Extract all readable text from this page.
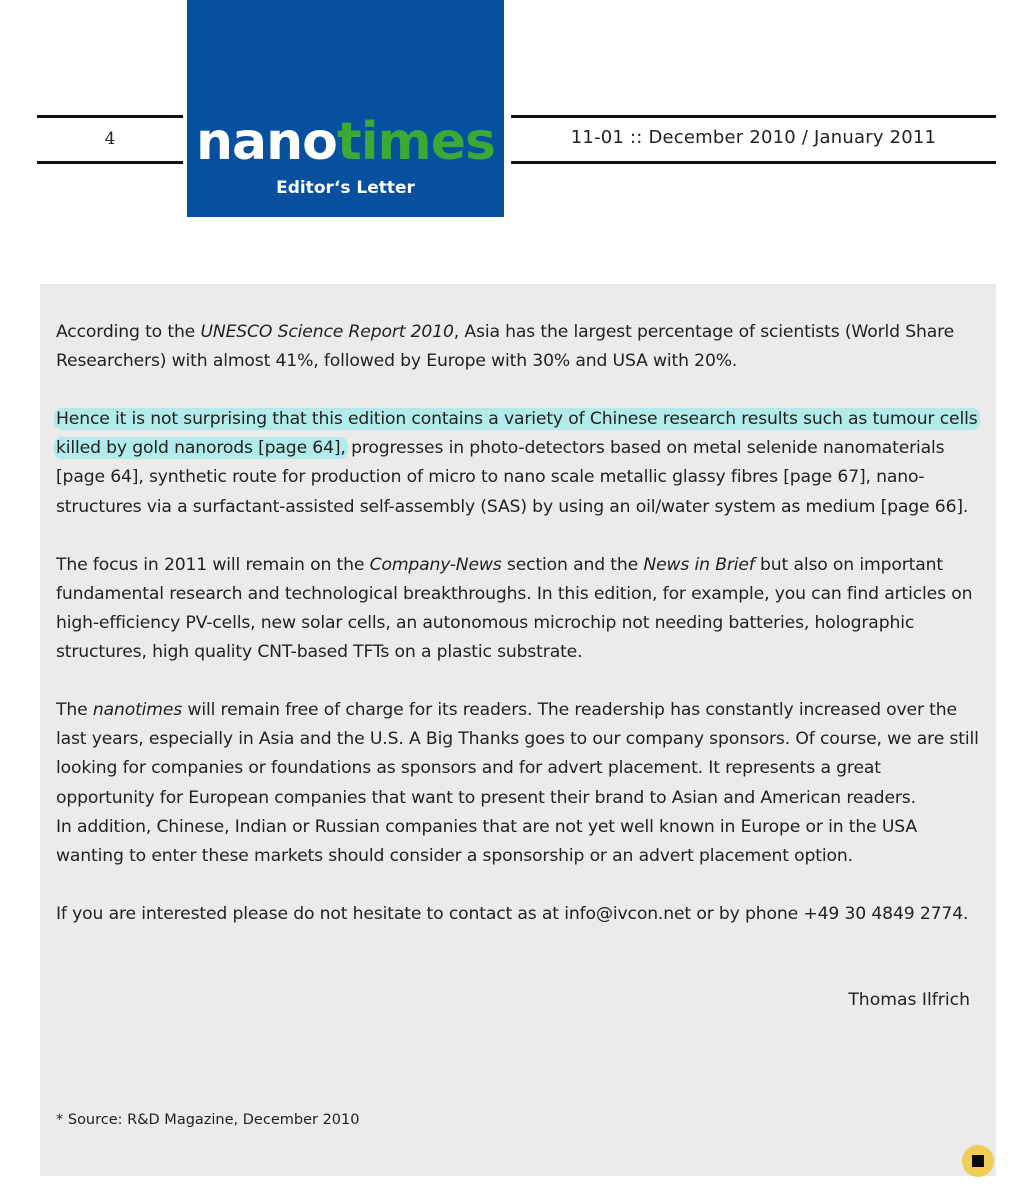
4	11-01 :: December 2010 / January 2011
nanotimes
Editor‘s Letter

According to the UNESCO Science Report 2010, Asia has the largest percentage of scientists (World Share Researchers) with almost 41%, followed by Europe with 30% and USA with 20%.

Hence it is not surprising that this edition contains a variety of Chinese research results such as tumour cells killed by gold nanorods [page 64], progresses in photo-detectors based on metal selenide nanomaterials [page 64], synthetic route for production of micro to nano scale metallic glassy fibres [page 67], nanostructures via a surfactant-assisted self-assembly (SAS) by using an oil/water system as medium [page 66].

The focus in 2011 will remain on the Company-News section and the News in Brief but also on important fundamental research and technological breakthroughs. In this edition, for example, you can find articles on high-efficiency PV-cells, new solar cells, an autonomous microchip not needing batteries, holographic structures, high quality CNT-based TFTs on a plastic substrate.

The nanotimes will remain free of charge for its readers. The readership has constantly increased over the last years, especially in Asia and the U.S. A Big Thanks goes to our company sponsors. Of course, we are still looking for companies or foundations as sponsors and for advert placement. It represents a great opportunity for European companies that want to present their brand to Asian and American readers.
In addition, Chinese, Indian or Russian companies that are not yet well known in Europe or in the USA wanting to enter these markets should consider a sponsorship or an advert placement option.

If you are interested please do not hesitate to contact as at info@ivcon.net or by phone +49 30 4849 2774.

Thomas Ilfrich
* Source: R&D Magazine, December 2010
